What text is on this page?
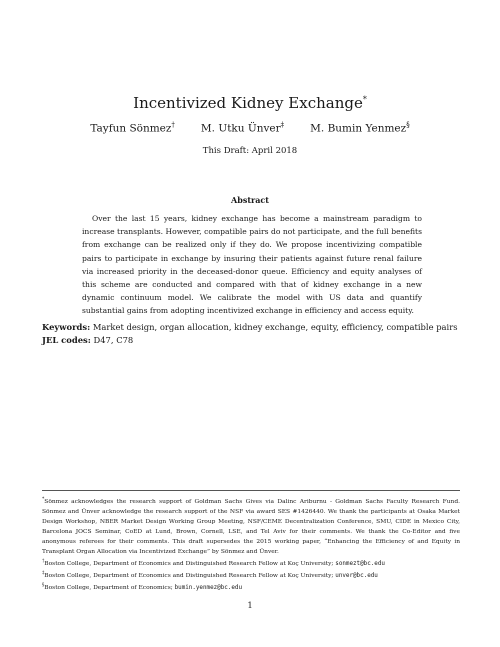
Incentivized Kidney Exchange*
Tayfun Sönmez† M. Utku Ünver‡ M. Bumin Yenmez§
This Draft: April 2018
Abstract

Over the last 15 years, kidney exchange has become a mainstream paradigm to increase transplants. However, compatible pairs do not participate, and the full benefits from exchange can be realized only if they do. We propose incentivizing compatible pairs to participate in exchange by insuring their patients against future renal failure via increased priority in the deceased-donor queue. Efficiency and equity analyses of this scheme are conducted and compared with that of kidney exchange in a new dynamic continuum model. We calibrate the model with US data and quantify substantial gains from adopting incentivized exchange in efficiency and access equity.

Keywords: Market design, organ allocation, kidney exchange, equity, efficiency, compatible pairs
JEL codes: D47, C78

*Sönmez acknowledges the research support of Goldman Sachs Gives via Dalinc Ariburnu - Goldman Sachs Faculty Research Fund. Sönmez and Ünver acknowledge the research support of the NSF via award SES #1426440. We thank the participants at Osaka Market Design Workshop, NBER Market Design Working Group Meeting, NSF/CEME Decentralization Conference, SMU, CIDE in Mexico City, Barcelona JOCS Seminar, CoED at Lund, Brown, Cornell, LSE, and Tel Aviv for their comments. We thank the Co-Editor and five anonymous referees for their comments. This draft supersedes the 2015 working paper, “Enhancing the Efficiency of and Equity in Transplant Organ Allocation via Incentivized Exchange” by Sönmez and Ünver.

†Boston College, Department of Economics and Distinguished Research Fellow at Koç University; sonmezt@bc.edu

‡Boston College, Department of Economics and Distinguished Research Fellow at Koç University; unver@bc.edu

§Boston College, Department of Economics; bumin.yenmez@bc.edu

1
